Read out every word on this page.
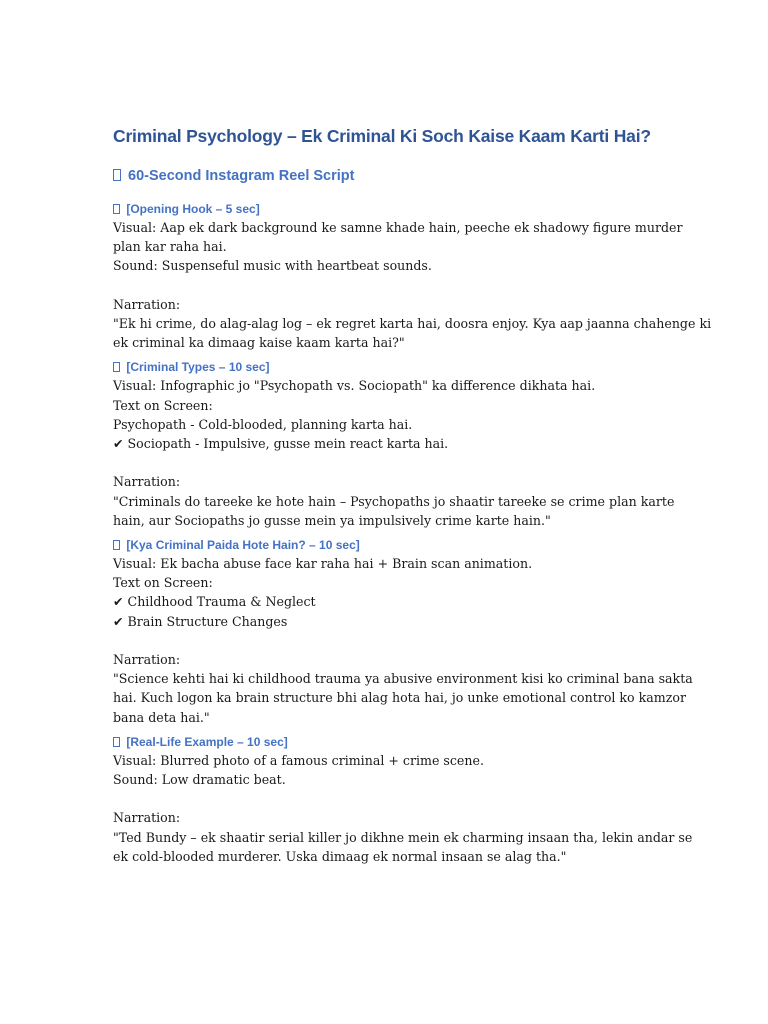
Criminal Psychology – Ek Criminal Ki Soch Kaise Kaam Karti Hai?
60-Second Instagram Reel Script
[Opening Hook – 5 sec]
Visual: Aap ek dark background ke samne khade hain, peeche ek shadowy figure murder
plan kar raha hai.
Sound: Suspenseful music with heartbeat sounds.
Narration:
"Ek hi crime, do alag-alag log – ek regret karta hai, doosra enjoy. Kya aap jaanna chahenge ki
ek criminal ka dimaag kaise kaam karta hai?"
[Criminal Types – 10 sec]
Visual: Infographic jo "Psychopath vs. Sociopath" ka difference dikhata hai.
Text on Screen:
Psychopath - Cold-blooded, planning karta hai.
✔ Sociopath - Impulsive, gusse mein react karta hai.
Narration:
"Criminals do tareeke ke hote hain – Psychopaths jo shaatir tareeke se crime plan karte
hain, aur Sociopaths jo gusse mein ya impulsively crime karte hain."
[Kya Criminal Paida Hote Hain? – 10 sec]
Visual: Ek bacha abuse face kar raha hai + Brain scan animation.
Text on Screen:
✔ Childhood Trauma & Neglect
✔ Brain Structure Changes
Narration:
"Science kehti hai ki childhood trauma ya abusive environment kisi ko criminal bana sakta
hai. Kuch logon ka brain structure bhi alag hota hai, jo unke emotional control ko kamzor
bana deta hai."
[Real-Life Example – 10 sec]
Visual: Blurred photo of a famous criminal + crime scene.
Sound: Low dramatic beat.
Narration:
"Ted Bundy – ek shaatir serial killer jo dikhne mein ek charming insaan tha, lekin andar se
ek cold-blooded murderer. Uska dimaag ek normal insaan se alag tha."
